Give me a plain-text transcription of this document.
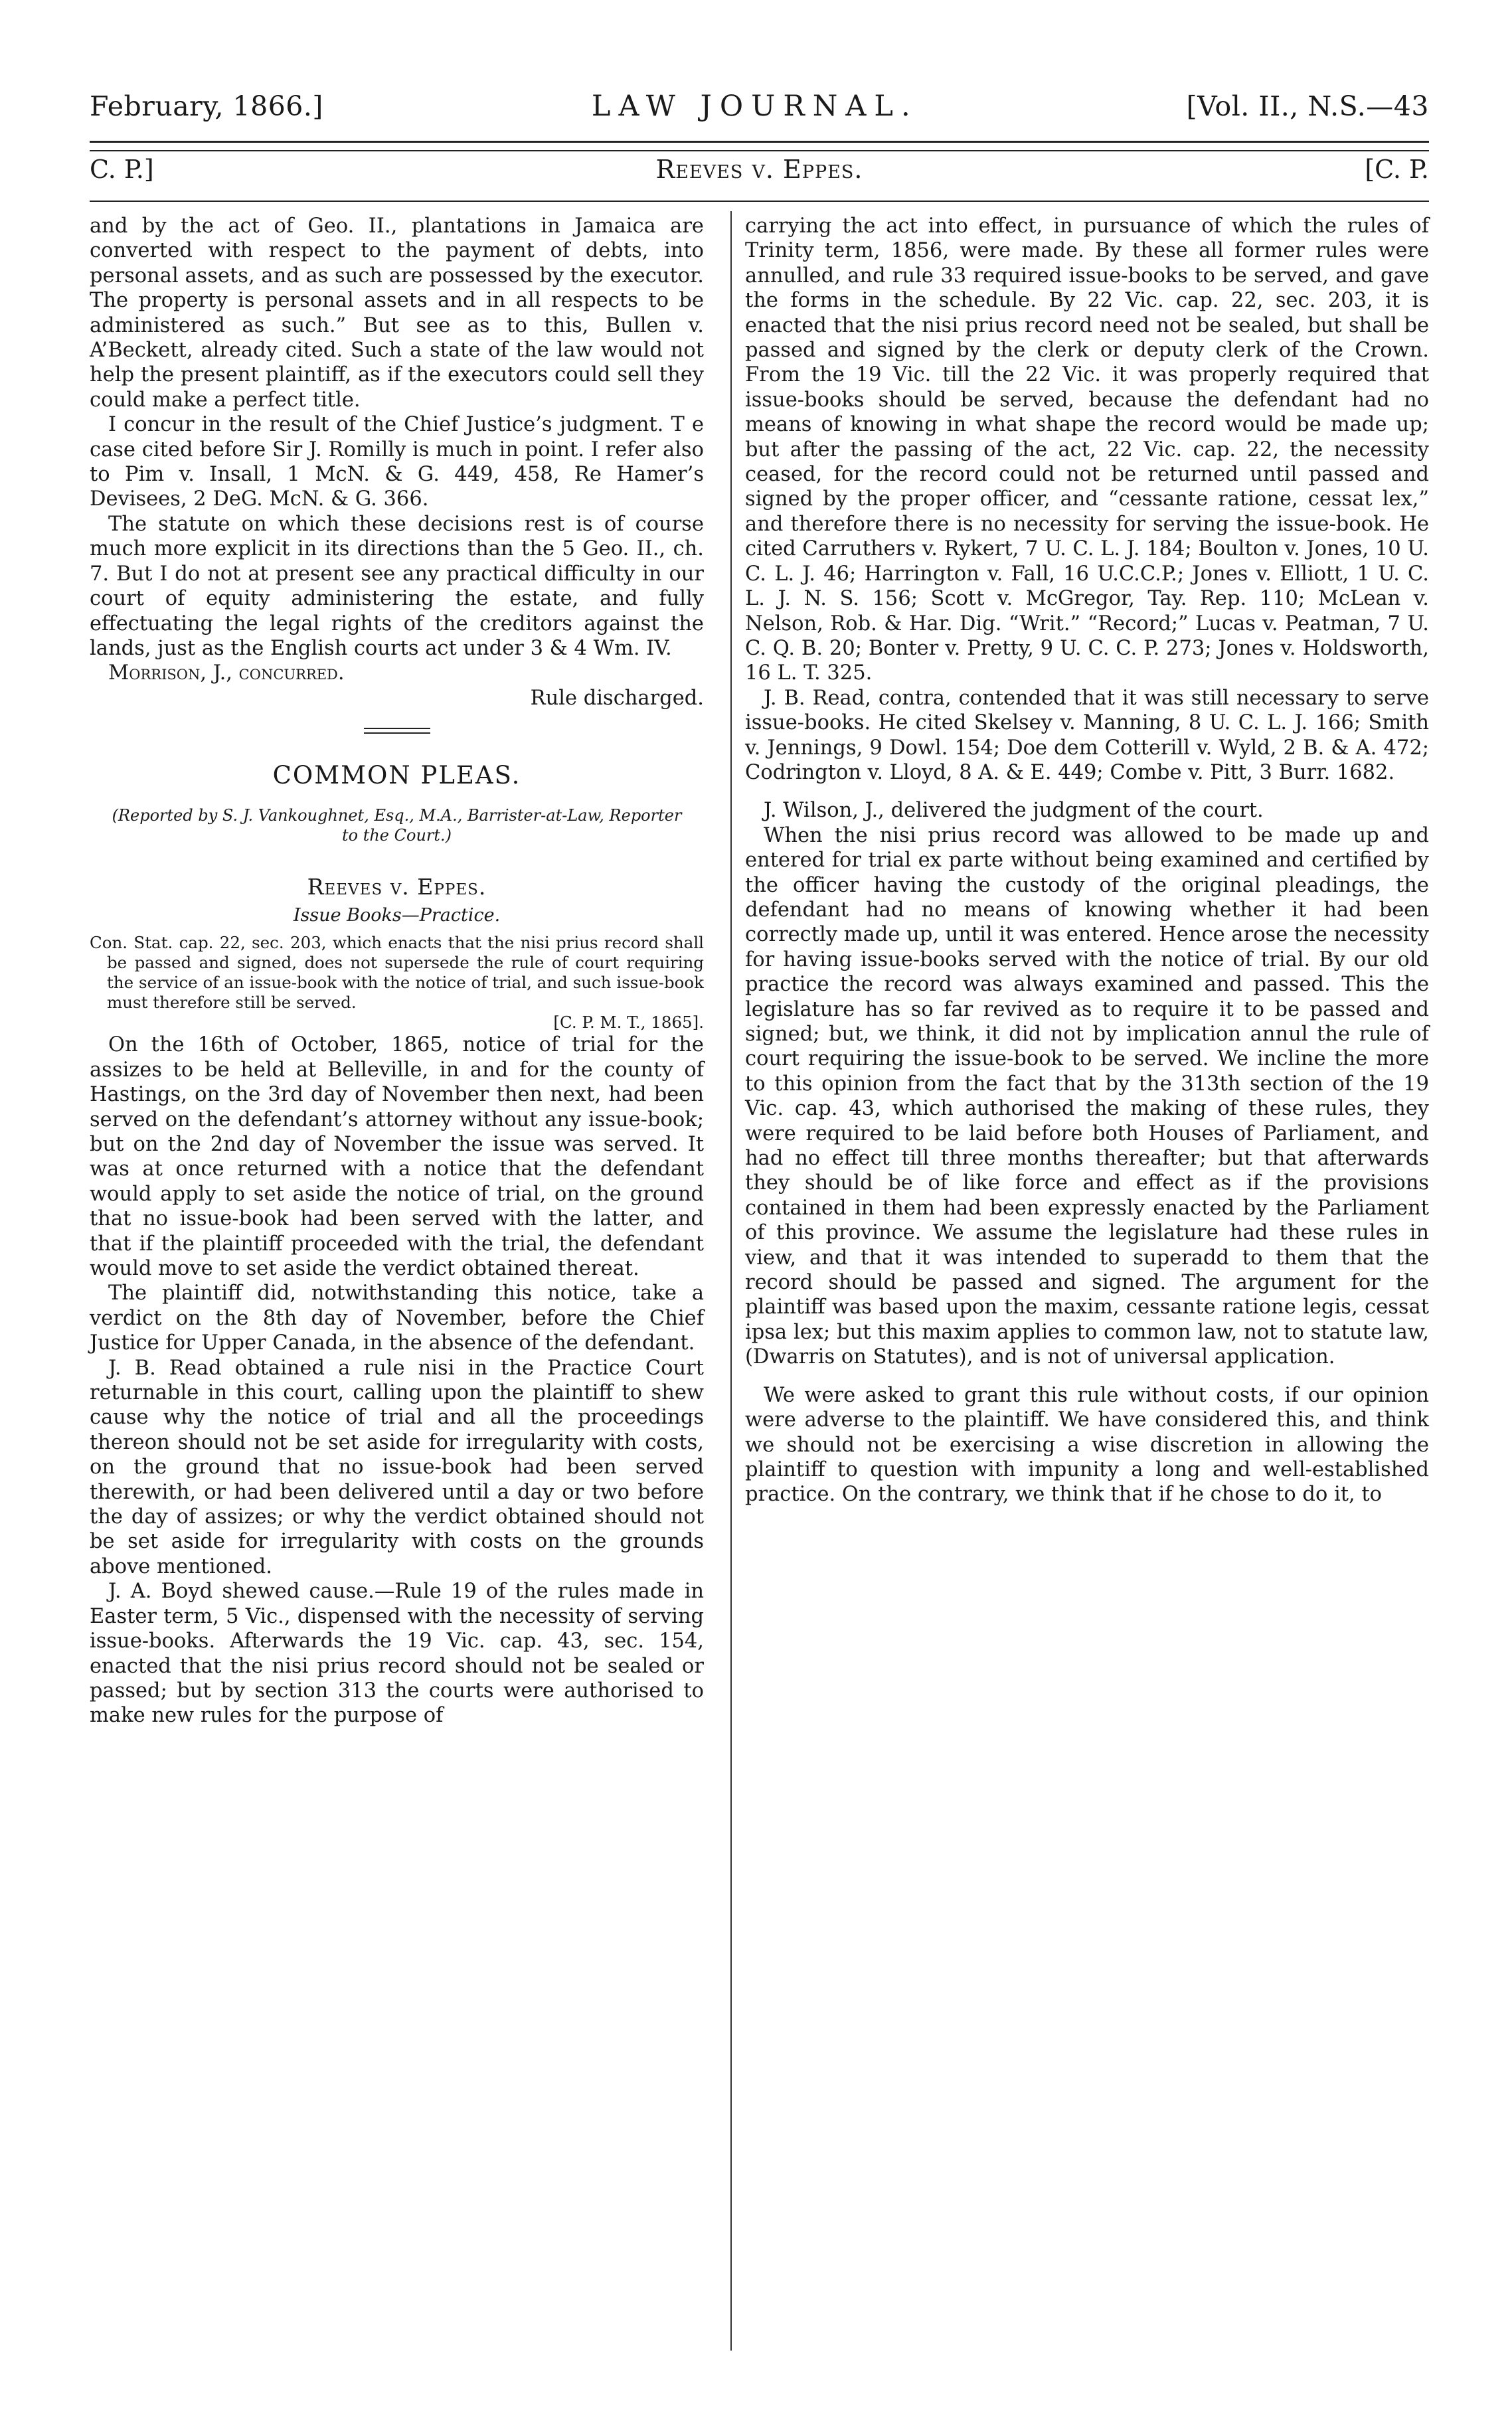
February, 1866.]	LAW JOURNAL.	[Vol. II., N.S.—43
C. P.]	Reeves v. Eppes.	[C. P.

and by the act of Geo. II., plantations in Jamaica are converted with respect to the payment of debts, into personal assets, and as such are possessed by the executor. The property is personal assets and in all respects to be administered as such.” But see as to this, Bullen v. A’Beckett, already cited. Such a state of the law would not help the present plaintiff, as if the executors could sell they could make a perfect title.

I concur in the result of the Chief Justice’s judgment. T e case cited before Sir J. Romilly is much in point. I refer also to Pim v. Insall, 1 McN. & G. 449, 458, Re Hamer’s Devisees, 2 DeG. McN. & G. 366.

The statute on which these decisions rest is of course much more explicit in its directions than the 5 Geo. II., ch. 7. But I do not at present see any practical difficulty in our court of equity administering the estate, and fully effectuating the legal rights of the creditors against the lands, just as the English courts act under 3 & 4 Wm. IV.

Morrison, J., concurred.

Rule discharged.

COMMON PLEAS.
(Reported by S. J. Vankoughnet, Esq., M.A., Barrister-at-Law, Reporter to the Court.)
Reeves v. Eppes.
Issue Books—Practice.

Con. Stat. cap. 22, sec. 203, which enacts that the nisi prius record shall be passed and signed, does not supersede the rule of court requiring the service of an issue-book with the notice of trial, and such issue-book must therefore still be served.

[C. P. M. T., 1865].

On the 16th of October, 1865, notice of trial for the assizes to be held at Belleville, in and for the county of Hastings, on the 3rd day of November then next, had been served on the defendant’s attorney without any issue-book; but on the 2nd day of November the issue was served. It was at once returned with a notice that the defendant would apply to set aside the notice of trial, on the ground that no issue-book had been served with the latter, and that if the plaintiff proceeded with the trial, the defendant would move to set aside the verdict obtained thereat.

The plaintiff did, notwithstanding this notice, take a verdict on the 8th day of November, before the Chief Justice for Upper Canada, in the absence of the defendant.

J. B. Read obtained a rule nisi in the Practice Court returnable in this court, calling upon the plaintiff to shew cause why the notice of trial and all the proceedings thereon should not be set aside for irregularity with costs, on the ground that no issue-book had been served therewith, or had been delivered until a day or two before the day of assizes; or why the verdict obtained should not be set aside for irregularity with costs on the grounds above mentioned.

J. A. Boyd shewed cause.—Rule 19 of the rules made in Easter term, 5 Vic., dispensed with the necessity of serving issue-books. Afterwards the 19 Vic. cap. 43, sec. 154, enacted that the nisi prius record should not be sealed or passed; but by section 313 the courts were authorised to make new rules for the purpose of

carrying the act into effect, in pursuance of which the rules of Trinity term, 1856, were made. By these all former rules were annulled, and rule 33 required issue-books to be served, and gave the forms in the schedule. By 22 Vic. cap. 22, sec. 203, it is enacted that the nisi prius record need not be sealed, but shall be passed and signed by the clerk or deputy clerk of the Crown. From the 19 Vic. till the 22 Vic. it was properly required that issue-books should be served, because the defendant had no means of knowing in what shape the record would be made up; but after the passing of the act, 22 Vic. cap. 22, the necessity ceased, for the record could not be returned until passed and signed by the proper officer, and “cessante ratione, cessat lex,” and therefore there is no necessity for serving the issue-book. He cited Carruthers v. Rykert, 7 U. C. L. J. 184; Boulton v. Jones, 10 U. C. L. J. 46; Harrington v. Fall, 16 U.C.C.P.; Jones v. Elliott, 1 U. C. L. J. N. S. 156; Scott v. McGregor, Tay. Rep. 110; McLean v. Nelson, Rob. & Har. Dig. “Writ.” “Record;” Lucas v. Peatman, 7 U. C. Q. B. 20; Bonter v. Pretty, 9 U. C. C. P. 273; Jones v. Holdsworth, 16 L. T. 325.

J. B. Read, contra, contended that it was still necessary to serve issue-books. He cited Skelsey v. Manning, 8 U. C. L. J. 166; Smith v. Jennings, 9 Dowl. 154; Doe dem Cotterill v. Wyld, 2 B. & A. 472; Codrington v. Lloyd, 8 A. & E. 449; Combe v. Pitt, 3 Burr. 1682.

J. Wilson, J., delivered the judgment of the court.

When the nisi prius record was allowed to be made up and entered for trial ex parte without being examined and certified by the officer having the custody of the original pleadings, the defendant had no means of knowing whether it had been correctly made up, until it was entered. Hence arose the necessity for having issue-books served with the notice of trial. By our old practice the record was always examined and passed. This the legislature has so far revived as to require it to be passed and signed; but, we think, it did not by implication annul the rule of court requiring the issue-book to be served. We incline the more to this opinion from the fact that by the 313th section of the 19 Vic. cap. 43, which authorised the making of these rules, they were required to be laid before both Houses of Parliament, and had no effect till three months thereafter; but that afterwards they should be of like force and effect as if the provisions contained in them had been expressly enacted by the Parliament of this province. We assume the legislature had these rules in view, and that it was intended to superadd to them that the record should be passed and signed. The argument for the plaintiff was based upon the maxim, cessante ratione legis, cessat ipsa lex; but this maxim applies to common law, not to statute law, (Dwarris on Statutes), and is not of universal application.

We were asked to grant this rule without costs, if our opinion were adverse to the plaintiff. We have considered this, and think we should not be exercising a wise discretion in allowing the plaintiff to question with impunity a long and well-established practice. On the contrary, we think that if he chose to do it, to
